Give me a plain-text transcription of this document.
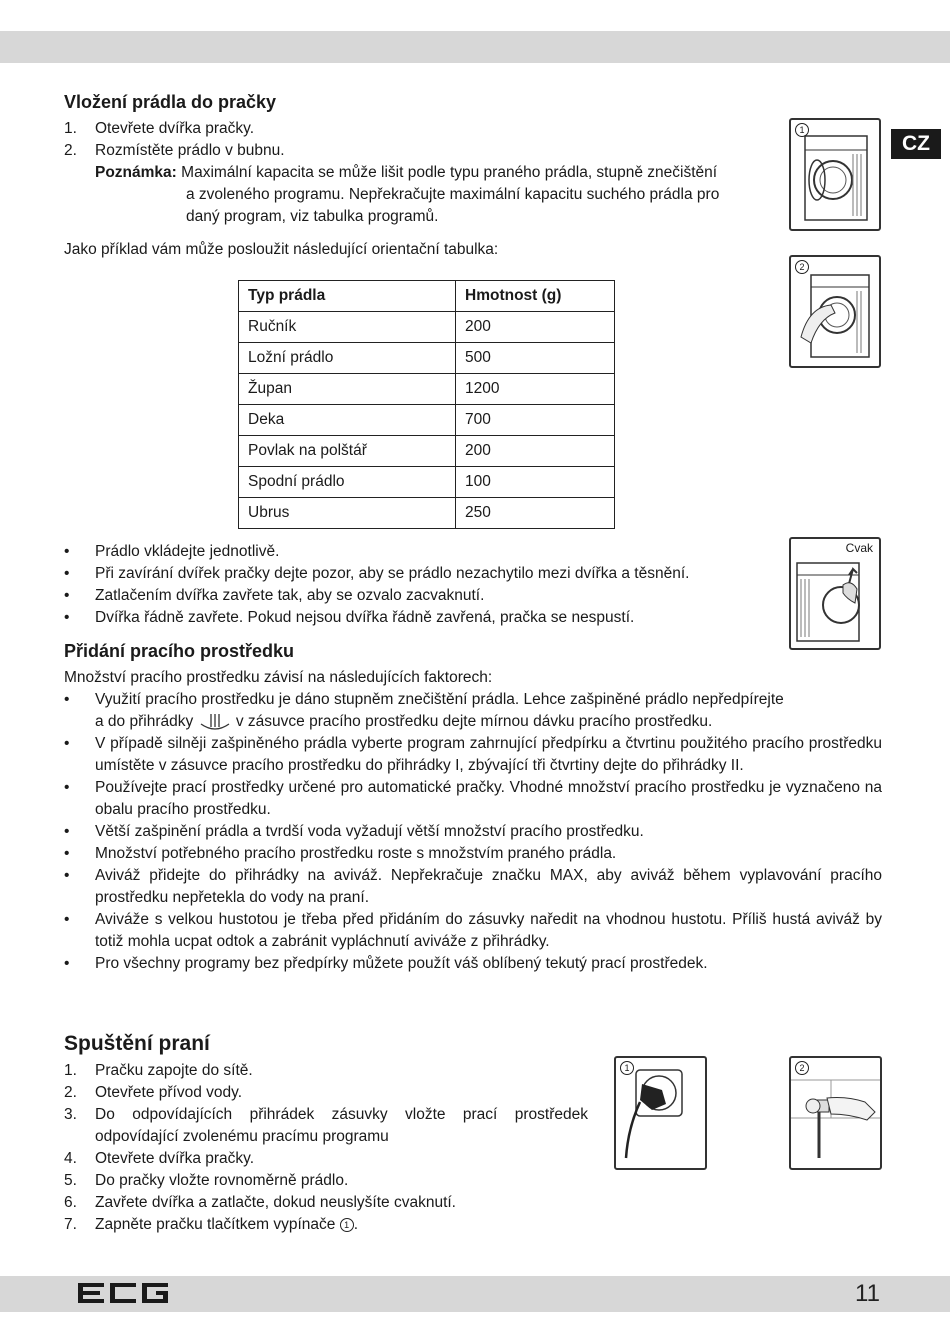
CZ
Vložení prádla do pračky
1. Otevřete dvířka pračky.
2. Rozmístěte prádlo v bubnu.
Poznámka: Maximální kapacita se může lišit podle typu praného prádla, stupně znečištění
a zvoleného programu. Nepřekračujte maximální kapacitu suchého prádla pro
daný program, viz tabulka programů.
Jako příklad vám může posloužit následující orientační tabulka:
Typ prádla	Hmotnost (g)
Ručník	200
Ložní prádlo	500
Župan	1200
Deka	700
Povlak na polštář	200
Spodní prádlo	100
Ubrus	250
• Prádlo vkládejte jednotlivě.
• Při zavírání dvířek pračky dejte pozor, aby se prádlo nezachytilo mezi dvířka a těsnění.
• Zatlačením dvířka zavřete tak, aby se ozvalo zacvaknutí.
• Dvířka řádně zavřete. Pokud nejsou dvířka řádně zavřená, pračka se nespustí.
1
2
Cvak
Přidání pracího prostředku
Množství pracího prostředku závisí na následujících faktorech:
• Využití pracího prostředku je dáno stupněm znečištění prádla. Lehce zašpiněné prádlo nepředpírejte
a do přihrádky	v zásuvce pracího prostředku dejte mírnou dávku pracího prostředku.
• V případě silněji zašpiněného prádla vyberte program zahrnující předpírku a čtvrtinu použitého pracího prostředku umístěte v zásuvce pracího prostředku do přihrádky I, zbývající tři čtvrtiny dejte do přihrádky II.
• Používejte prací prostředky určené pro automatické pračky. Vhodné množství pracího prostředku je vyznačeno na obalu pracího prostředku.
• Větší zašpinění prádla a tvrdší voda vyžadují větší množství pracího prostředku.
• Množství potřebného pracího prostředku roste s množstvím praného prádla.
• Aviváž přidejte do přihrádky na aviváž. Nepřekračuje značku MAX, aby aviváž během vyplavování pracího prostředku nepřetekla do vody na praní.
• Aviváže s velkou hustotou je třeba před přidáním do zásuvky naředit na vhodnou hustotu. Příliš hustá aviváž by totiž mohla ucpat odtok a zabránit vypláchnutí aviváže z přihrádky.
• Pro všechny programy bez předpírky můžete použít váš oblíbený tekutý prací prostředek.
Spuštění praní
1. Pračku zapojte do sítě.
2. Otevřete přívod vody.
3. Do odpovídajících přihrádek zásuvky vložte prací prostředek odpovídající zvolenému pracímu programu
4. Otevřete dvířka pračky.
5. Do pračky vložte rovnoměrně prádlo.
6. Zavřete dvířka a zatlačte, dokud neuslyšíte cvaknutí.
7. Zapněte pračku tlačítkem vypínače 1 .
1	2
11
